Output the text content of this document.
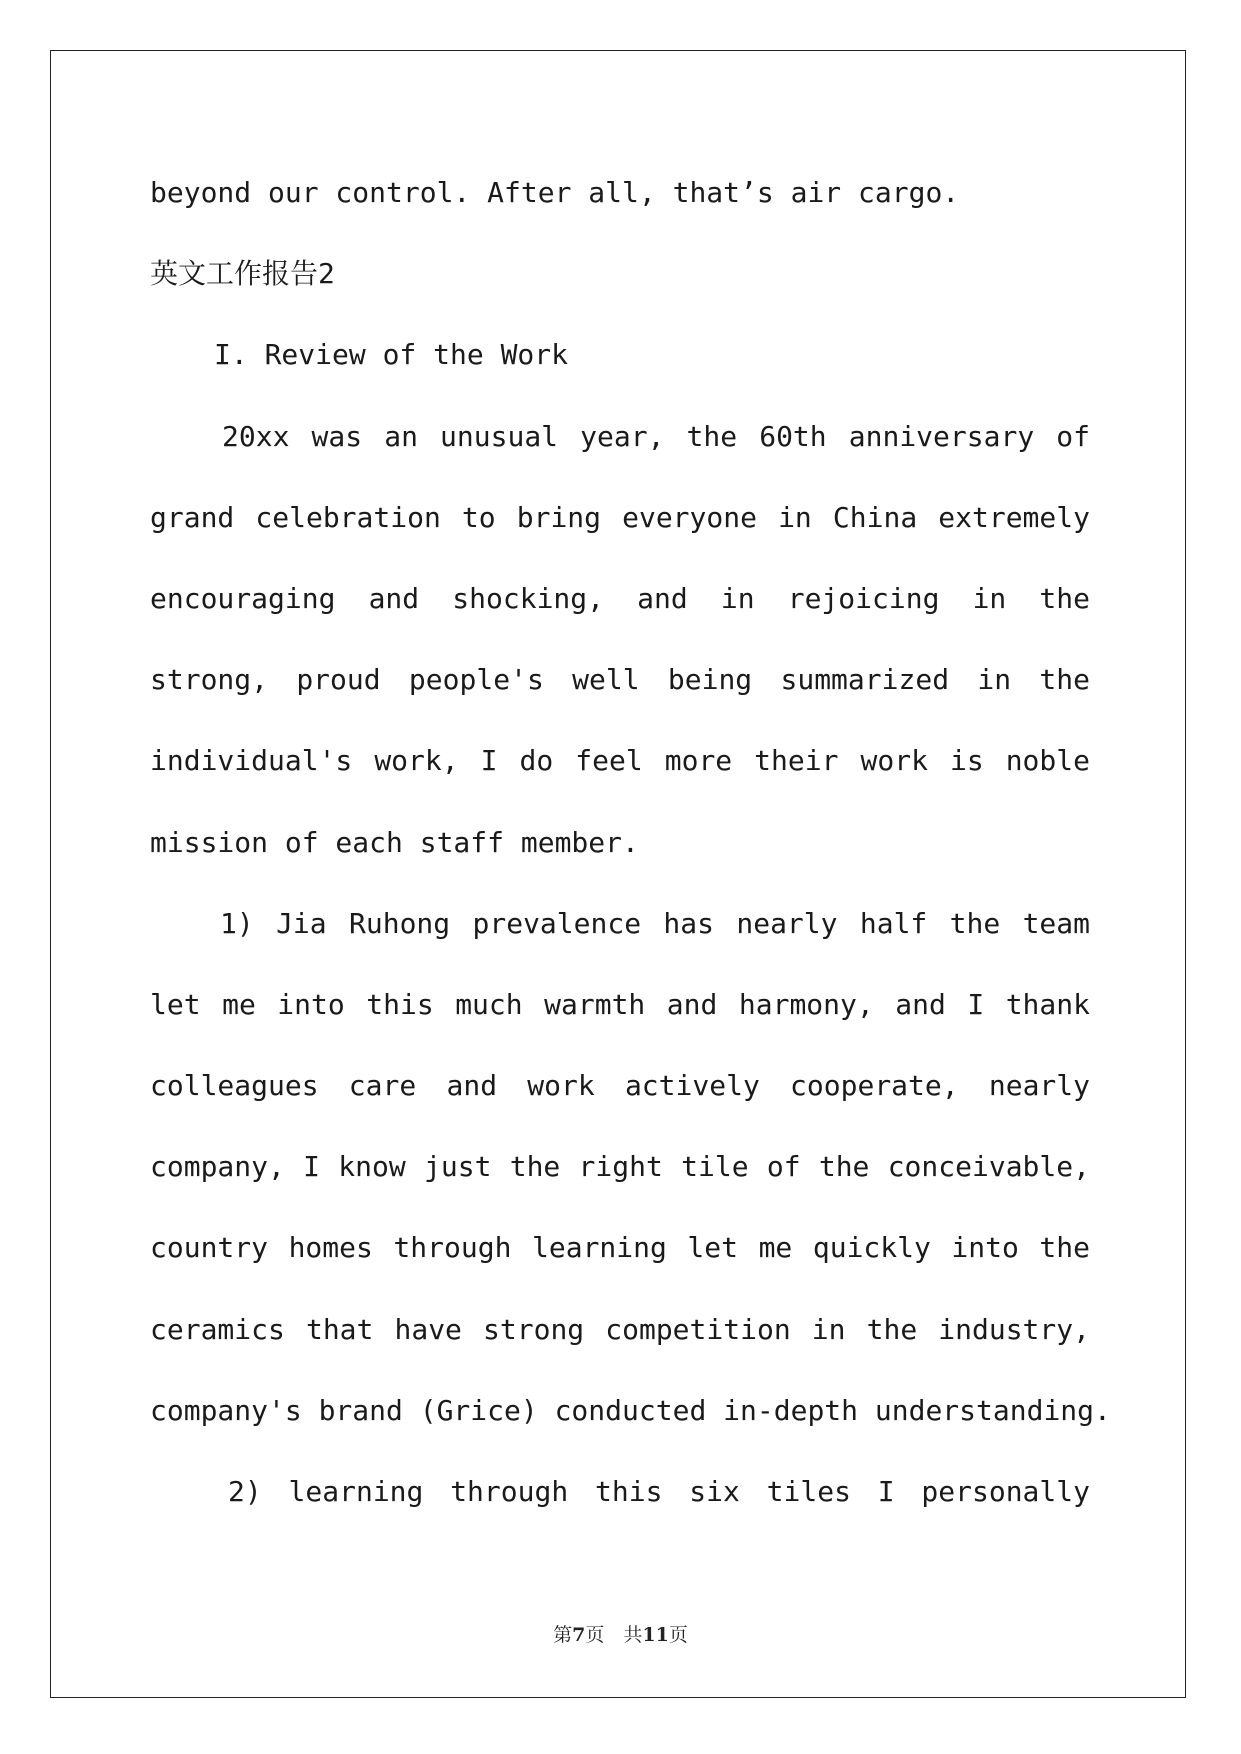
beyond our control. After all, that’s air cargo.
英文工作报告2
I. Review of the Work
20xx was an unusual year, the 60th anniversary of
grand celebration to bring everyone in China extremely
encouraging and shocking, and in rejoicing in the
strong, proud people's well being summarized in the
individual's work, I do feel more their work is noble
mission of each staff member.
1) Jia Ruhong prevalence has nearly half the team
let me into this much warmth and harmony, and I thank
colleagues care and work actively cooperate, nearly
company, I know just the right tile of the conceivable,
country homes through learning let me quickly into the
ceramics that have strong competition in the industry,
company's brand (Grice) conducted in-depth understanding.
2) learning through this six tiles I personally
第7页　共11页
